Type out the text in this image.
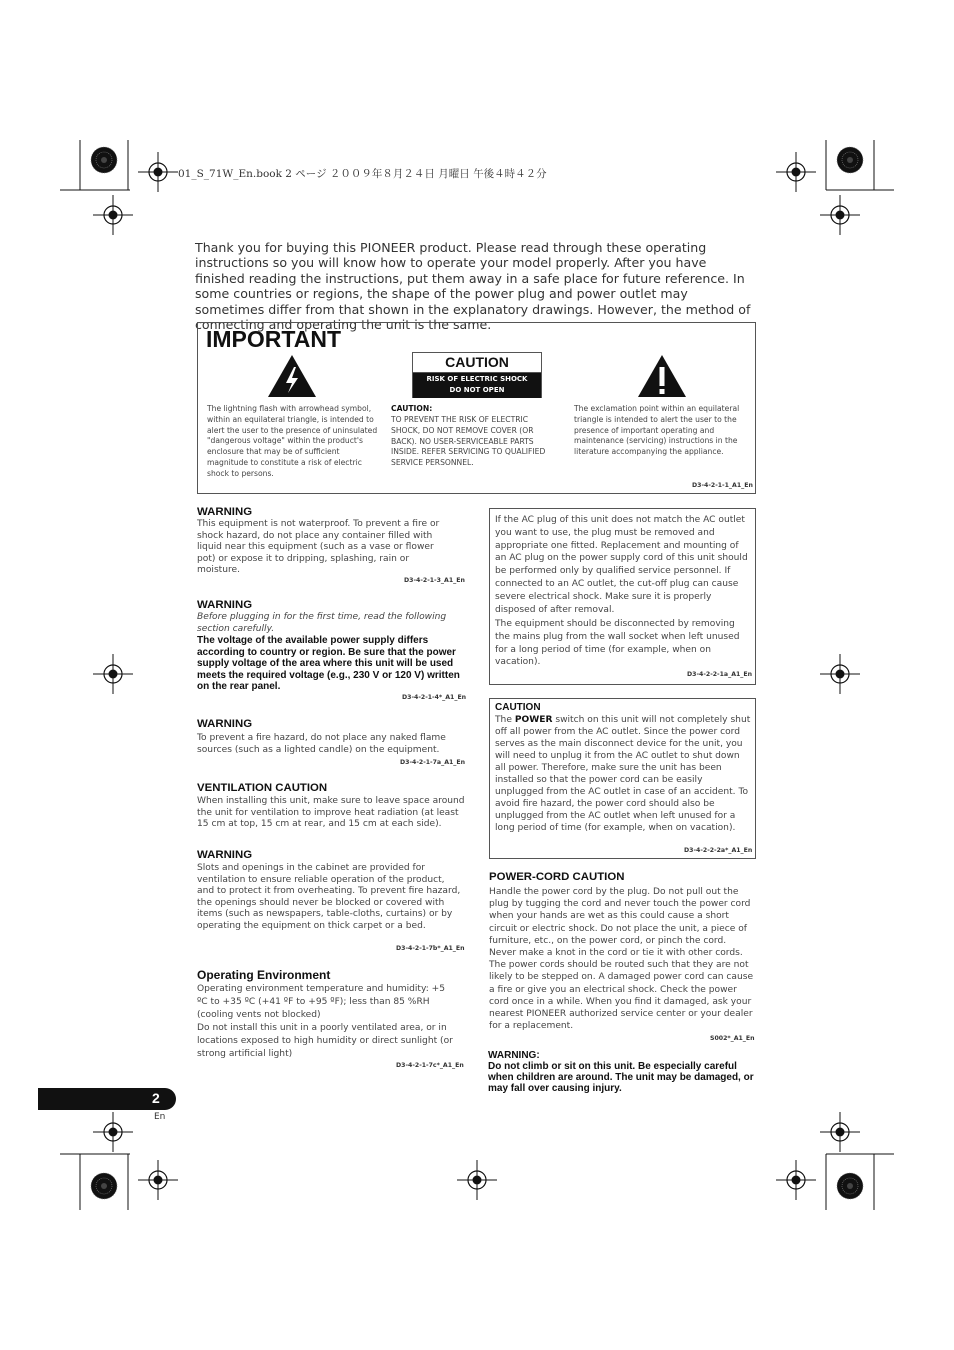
01_S_71W_En.book 2 ページ ２００９年８月２４日 月曜日 午後４時４２分
Thank you for buying this PIONEER product. Please read through these operating instructions so you will know how to operate your model properly. After you have finished reading the instructions, put them away in a safe place for future reference. In some countries or regions, the shape of the power plug and power outlet may sometimes differ from that shown in the explanatory drawings. However, the method of connecting and operating the unit is the same.
IMPORTANT
CAUTION
RISK OF ELECTRIC SHOCK
DO NOT OPEN
The lightning flash with arrowhead symbol, within an equilateral triangle, is intended to alert the user to the presence of uninsulated "dangerous voltage" within the product's enclosure that may be of sufficient magnitude to constitute a risk of electric shock to persons.
CAUTION:
TO PREVENT THE RISK OF ELECTRIC SHOCK, DO NOT REMOVE COVER (OR BACK). NO USER-SERVICEABLE PARTS INSIDE. REFER SERVICING TO QUALIFIED SERVICE PERSONNEL.
The exclamation point within an equilateral triangle is intended to alert the user to the presence of important operating and maintenance (servicing) instructions in the literature accompanying the appliance.
D3-4-2-1-1_A1_En
WARNING
This equipment is not waterproof. To prevent a fire or shock hazard, do not place any container filled with liquid near this equipment (such as a vase or flower pot) or expose it to dripping, splashing, rain or moisture.
D3-4-2-1-3_A1_En
WARNING
Before plugging in for the first time, read the following section carefully.
The voltage of the available power supply differs according to country or region. Be sure that the power supply voltage of the area where this unit will be used meets the required voltage (e.g., 230 V or 120 V) written on the rear panel.
D3-4-2-1-4*_A1_En
WARNING
To prevent a fire hazard, do not place any naked flame sources (such as a lighted candle) on the equipment.
D3-4-2-1-7a_A1_En
VENTILATION CAUTION
When installing this unit, make sure to leave space around the unit for ventilation to improve heat radiation (at least 15 cm at top, 15 cm at rear, and 15 cm at each side).
WARNING
Slots and openings in the cabinet are provided for ventilation to ensure reliable operation of the product, and to protect it from overheating. To prevent fire hazard, the openings should never be blocked or covered with items (such as newspapers, table-cloths, curtains) or by operating the equipment on thick carpet or a bed.
D3-4-2-1-7b*_A1_En
Operating Environment
Operating environment temperature and humidity: +5 ºC to +35 ºC (+41 ºF to +95 ºF); less than 85 %RH (cooling vents not blocked)
Do not install this unit in a poorly ventilated area, or in locations exposed to high humidity or direct sunlight (or strong artificial light)
D3-4-2-1-7c*_A1_En
If the AC plug of this unit does not match the AC outlet you want to use, the plug must be removed and appropriate one fitted. Replacement and mounting of an AC plug on the power supply cord of this unit should be performed only by qualified service personnel. If connected to an AC outlet, the cut-off plug can cause severe electrical shock. Make sure it is properly disposed of after removal.
The equipment should be disconnected by removing the mains plug from the wall socket when left unused for a long period of time (for example, when on vacation).
D3-4-2-2-1a_A1_En
CAUTION
The POWER switch on this unit will not completely shut off all power from the AC outlet. Since the power cord serves as the main disconnect device for the unit, you will need to unplug it from the AC outlet to shut down all power. Therefore, make sure the unit has been installed so that the power cord can be easily unplugged from the AC outlet in case of an accident. To avoid fire hazard, the power cord should also be unplugged from the AC outlet when left unused for a long period of time (for example, when on vacation).
D3-4-2-2-2a*_A1_En
POWER-CORD CAUTION
Handle the power cord by the plug. Do not pull out the plug by tugging the cord and never touch the power cord when your hands are wet as this could cause a short circuit or electric shock. Do not place the unit, a piece of furniture, etc., on the power cord, or pinch the cord. Never make a knot in the cord or tie it with other cords. The power cords should be routed such that they are not likely to be stepped on. A damaged power cord can cause a fire or give you an electrical shock. Check the power cord once in a while. When you find it damaged, ask your nearest PIONEER authorized service center or your dealer for a replacement.
S002*_A1_En
WARNING:
Do not climb or sit on this unit. Be especially careful when children are around. The unit may be damaged, or may fall over causing injury.
2
En
